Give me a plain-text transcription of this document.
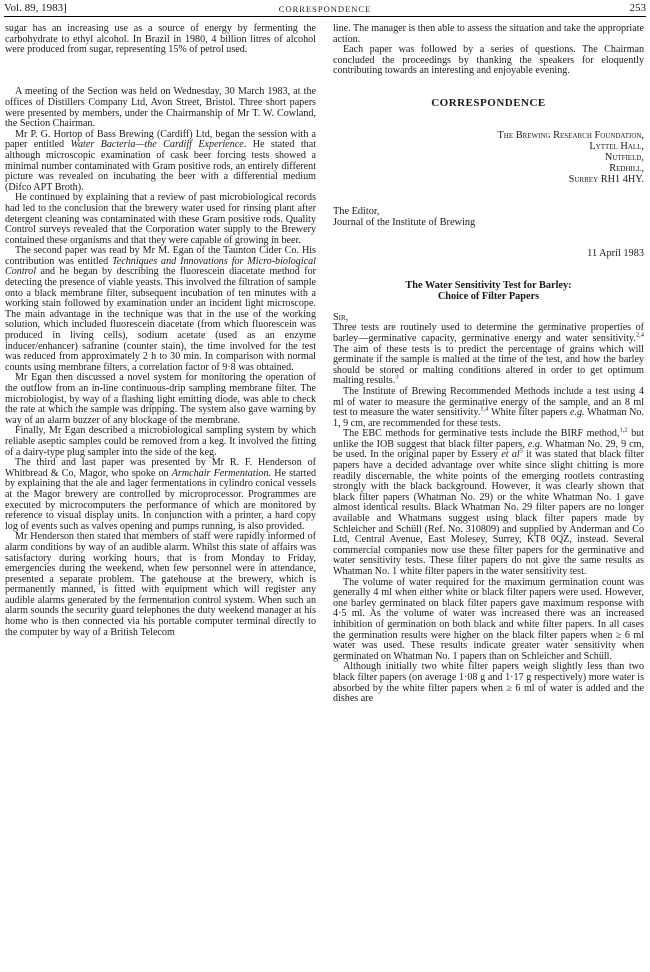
Vol. 89, 1983]	CORRESPONDENCE	253

sugar has an increasing use as a source of energy by fermenting the carbohydrate to ethyl alcohol. In Brazil in 1980, 4 billion litres of alcohol were produced from sugar, representing 15% of petrol used.

A meeting of the Section was held on Wednesday, 30 March 1983, at the offices of Distillers Company Ltd, Avon Street, Bristol. Three short papers were presented by members, under the Chairmanship of Mr T. W. Cowland, the Section Chairman.

Mr P. G. Hortop of Bass Brewing (Cardiff) Ltd, began the session with a paper entitled Water Bacteria—the Cardiff Experience. He stated that although microscopic examination of cask beer forcing tests showed a minimal number contaminated with Gram positive rods, an entirely different picture was revealed on incubating the beer with a differential medium (Difco APT Broth).

He continued by explaining that a review of past microbiological records had led to the conclusion that the brewery water used for rinsing plant after detergent cleaning was contaminated with these Gram positive rods. Quality Control surveys revealed that the Corporation water supply to the Brewery contained these organisms and that they were capable of growing in beer.

The second paper was read by Mr M. Egan of the Taunton Cider Co. His contribution was entitled Techniques and Innovations for Micro-biological Control and he began by describing the fluorescein diacetate method for detecting the presence of viable yeasts. This involved the filtration of sample onto a black membrane filter, subsequent incubation of ten minutes with a working stain followed by examination under an incident light microscope. The main advantage in the technique was that in the use of the working solution, which included fluorescein diacetate (from which fluorescein was produced in living cells), sodium acetate (used as an enzyme inducer/enhancer) safranine (counter stain), the time involved for the test was reduced from approximately 2 h to 30 min. In comparison with normal counts using membrane filters, a correlation factor of 9·8 was obtained.

Mr Egan then discussed a novel system for monitoring the operation of the outflow from an in-line continuous-drip sampling membrane filter. The microbiologist, by way of a flashing light emitting diode, was able to check the rate at which the sample was dripping. The system also gave warning by way of an alarm buzzer of any blockage of the membrane.

Finally, Mr Egan described a microbiological sampling system by which reliable aseptic samples could be removed from a keg. It involved the fitting of a dairy-type plug sampler into the side of the keg.

The third and last paper was presented by Mr R. F. Henderson of Whitbread & Co, Magor, who spoke on Armchair Fermentation. He started by explaining that the ale and lager fermentations in cylindro conical vessels at the Magor brewery are controlled by microprocessor. Programmes are executed by microcomputers the performance of which are monitored by reference to visual display units. In conjunction with a printer, a hard copy log of events such as valves opening and pumps running, is also provided.

Mr Henderson then stated that members of staff were rapidly informed of alarm conditions by way of an audible alarm. Whilst this state of affairs was satisfactory during working hours, that is from Monday to Friday, emergencies during the weekend, when few personnel were in attendance, presented a separate problem. The gatehouse at the brewery, which is permanently manned, is fitted with equipment which will register any audible alarms generated by the fermentation control system. When such an alarm sounds the security guard telephones the duty weekend manager at his home who is then connected via his portable computer terminal directly to the computer by way of a British Telecom

line. The manager is then able to assess the situation and take the appropriate action.

Each paper was followed by a series of questions. The Chairman concluded the proceedings by thanking the speakers for eloquently contributing towards an interesting and enjoyable evening.

CORRESPONDENCE
The Brewing Research Foundation,
Lyttel Hall,
Nutfield,
Redhill,
Surrey RH1 4HY.
The Editor,
Journal of the Institute of Brewing
11 April 1983
The Water Sensitivity Test for Barley:
Choice of Filter Papers

Sir,

Three tests are routinely used to determine the germinative properties of barley—germinative capacity, germinative energy and water sensitivity.$^{2,4}$ The aim of these tests is to predict the percentage of grains which will germinate if the sample is malted at the time of the test, and how the barley should be stored or malting conditions altered in order to get optimum malting results.$^3$

The Institute of Brewing Recommended Methods include a test using 4 ml of water to measure the germinative energy of the sample, and an 8 ml test to measure the water sensitivity.$^{1,4}$ White filter papers e.g. Whatman No. 1, 9 cm, are recommended for these tests.

The EBC methods for germinative tests include the BIRF method,$^{1,2}$ but unlike the IOB suggest that black filter papers, e.g. Whatman No. 29, 9 cm, be used. In the original paper by Essery et $al^5$ it was stated that black filter papers have a decided advantage over white since slight chitting is more readily discernable, the white points of the emerging rootlets contrasting strongly with the black background. However, it was clearly shown that black filter papers (Whatman No. 29) or the white Whatman No. 1 gave almost identical results. Black Whatman No. 29 filter papers are no longer available and Whatmans suggest using black filter papers made by Schleicher and Schüll (Ref. No. 310809) and supplied by Anderman and Co Ltd, Central Avenue, East Molesey, Surrey, KT8 0QZ, instead. Several commercial companies now use these filter papers for the germinative and water sensitivity tests. These filter papers do not give the same results as Whatman No. 1 white filter papers in the water sensitivity test.

The volume of water required for the maximum germination count was generally 4 ml when either white or black filter papers were used. However, one barley germinated on black filter papers gave maximum response with 4·5 ml. As the volume of water was increased there was an increased inhibition of germination on both black and white filter papers. In all cases the germination results were higher on the black filter papers when ≥ 6 ml water was used. These results indicate greater water sensitivity when germinated on Whatman No. 1 papers than on Schleicher and Schüll.

Although initially two white filter papers weigh slightly less than two black filter papers (on average 1·08 g and 1·17 g respectively) more water is absorbed by the white filter papers when ≥ 6 ml of water is added and the dishes are
